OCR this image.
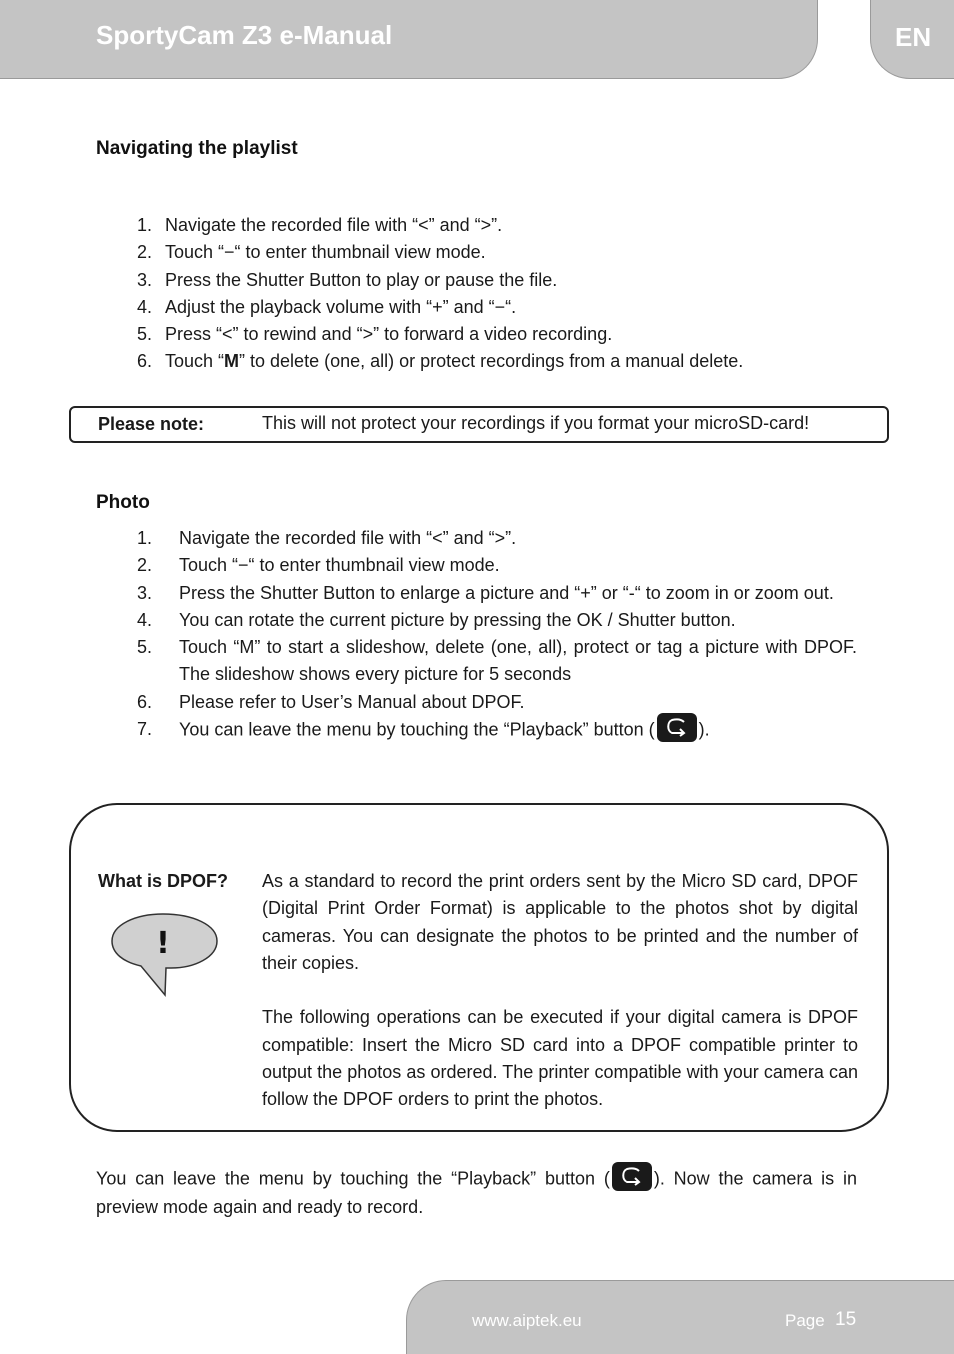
SportyCam Z3 e-Manual	EN
Navigating the playlist
1. Navigate the recorded file with “<” and “>”.
2. Touch “−“ to enter thumbnail view mode.
3. Press the Shutter Button to play or pause the file.
4. Adjust the playback volume with “+” and “−“.
5. Press “<” to rewind and “>” to forward a video recording.
6. Touch “M” to delete (one, all) or protect recordings from a manual delete.
Please note:	This will not protect your recordings if you format your microSD-card!
Photo
1. Navigate the recorded file with “<” and “>”.
2. Touch “−“ to enter thumbnail view mode.
3. Press the Shutter Button to enlarge a picture and “+” or “-“ to zoom in or zoom out.
4. You can rotate the current picture by pressing the OK / Shutter button.
5. Touch “M” to start a slideshow, delete (one, all), protect or tag a picture with DPOF. The slideshow shows every picture for 5 seconds
6. Please refer to User’s Manual about DPOF.
7. You can leave the menu by touching the “Playback” button ( ).
What is DPOF?
!

As a standard to record the print orders sent by the Micro SD card, DPOF (Digital Print Order Format) is applicable to the photos shot by digital cameras. You can designate the photos to be printed and the number of their copies.

The following operations can be executed if your digital camera is DPOF compatible: Insert the Micro SD card into a DPOF compatible printer to output the photos as ordered. The printer compatible with your camera can follow the DPOF orders to print the photos.

You can leave the menu by touching the “Playback” button ( ). Now the camera is in preview mode again and ready to record.
www.aiptek.eu	Page 15
